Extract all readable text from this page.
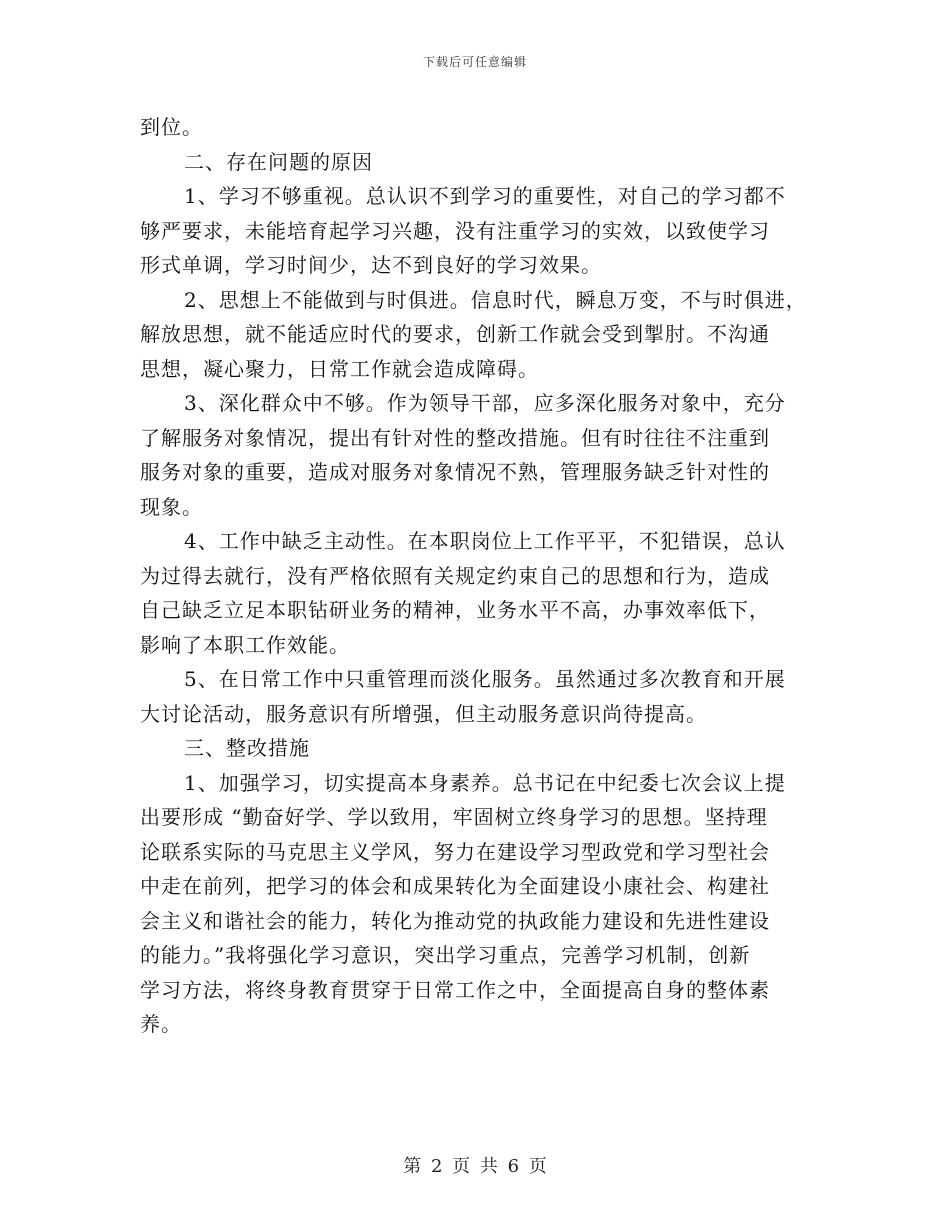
下载后可任意编辑
到位。
二、存在问题的原因
1、学习不够重视。总认识不到学习的重要性，对自己的学习都不
够严要求，未能培育起学习兴趣，没有注重学习的实效，以致使学习
形式单调，学习时间少，达不到良好的学习效果。
2、思想上不能做到与时俱进。信息时代，瞬息万变，不与时俱进，
解放思想，就不能适应时代的要求，创新工作就会受到掣肘。不沟通
思想，凝心聚力，日常工作就会造成障碍。
3、深化群众中不够。作为领导干部，应多深化服务对象中，充分
了解服务对象情况，提出有针对性的整改措施。但有时往往不注重到
服务对象的重要，造成对服务对象情况不熟，管理服务缺乏针对性的
现象。
4、工作中缺乏主动性。在本职岗位上工作平平，不犯错误，总认
为过得去就行，没有严格依照有关规定约束自己的思想和行为，造成
自己缺乏立足本职钻研业务的精神，业务水平不高，办事效率低下，
影响了本职工作效能。
5、在日常工作中只重管理而淡化服务。虽然通过多次教育和开展
大讨论活动，服务意识有所增强，但主动服务意识尚待提高。
三、整改措施
1、加强学习，切实提高本身素养。总书记在中纪委七次会议上提
出要形成 “勤奋好学、学以致用，牢固树立终身学习的思想。坚持理
论联系实际的马克思主义学风，努力在建设学习型政党和学习型社会
中走在前列，把学习的体会和成果转化为全面建设小康社会、构建社
会主义和谐社会的能力，转化为推动党的执政能力建设和先进性建设
的能力。”我将强化学习意识，突出学习重点，完善学习机制，创新
学习方法，将终身教育贯穿于日常工作之中，全面提高自身的整体素
养。
第 2 页 共 6 页
